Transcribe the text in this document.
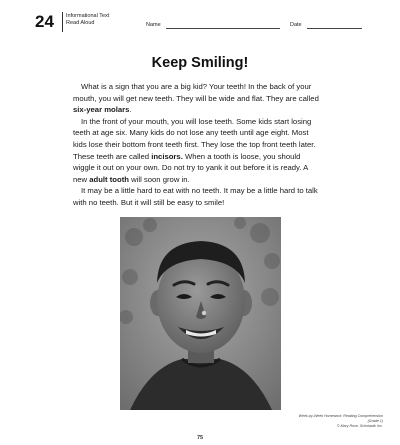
24 Informational Text
Read Aloud	Name	Date
Keep Smiling!

What is a sign that you are a big kid? Your teeth! In the back of your mouth, you will get new teeth. They will be wide and flat. They are called six-year molars.

In the front of your mouth, you will lose teeth. Some kids start losing teeth at age six. Many kids do not lose any teeth until age eight. Most kids lose their bottom front teeth first. They lose the top front teeth later. These teeth are called incisors. When a tooth is loose, you should wiggle it out on your own. Do not try to yank it out before it is ready. A new adult tooth will soon grow in.

It may be a little hard to eat with no teeth. It may be a little hard to talk with no teeth. But it will still be easy to smile!

Week-by-Week Homework: Reading Comprehension (Grade 1)
© Mary Rose, Scholastic Inc.
75
